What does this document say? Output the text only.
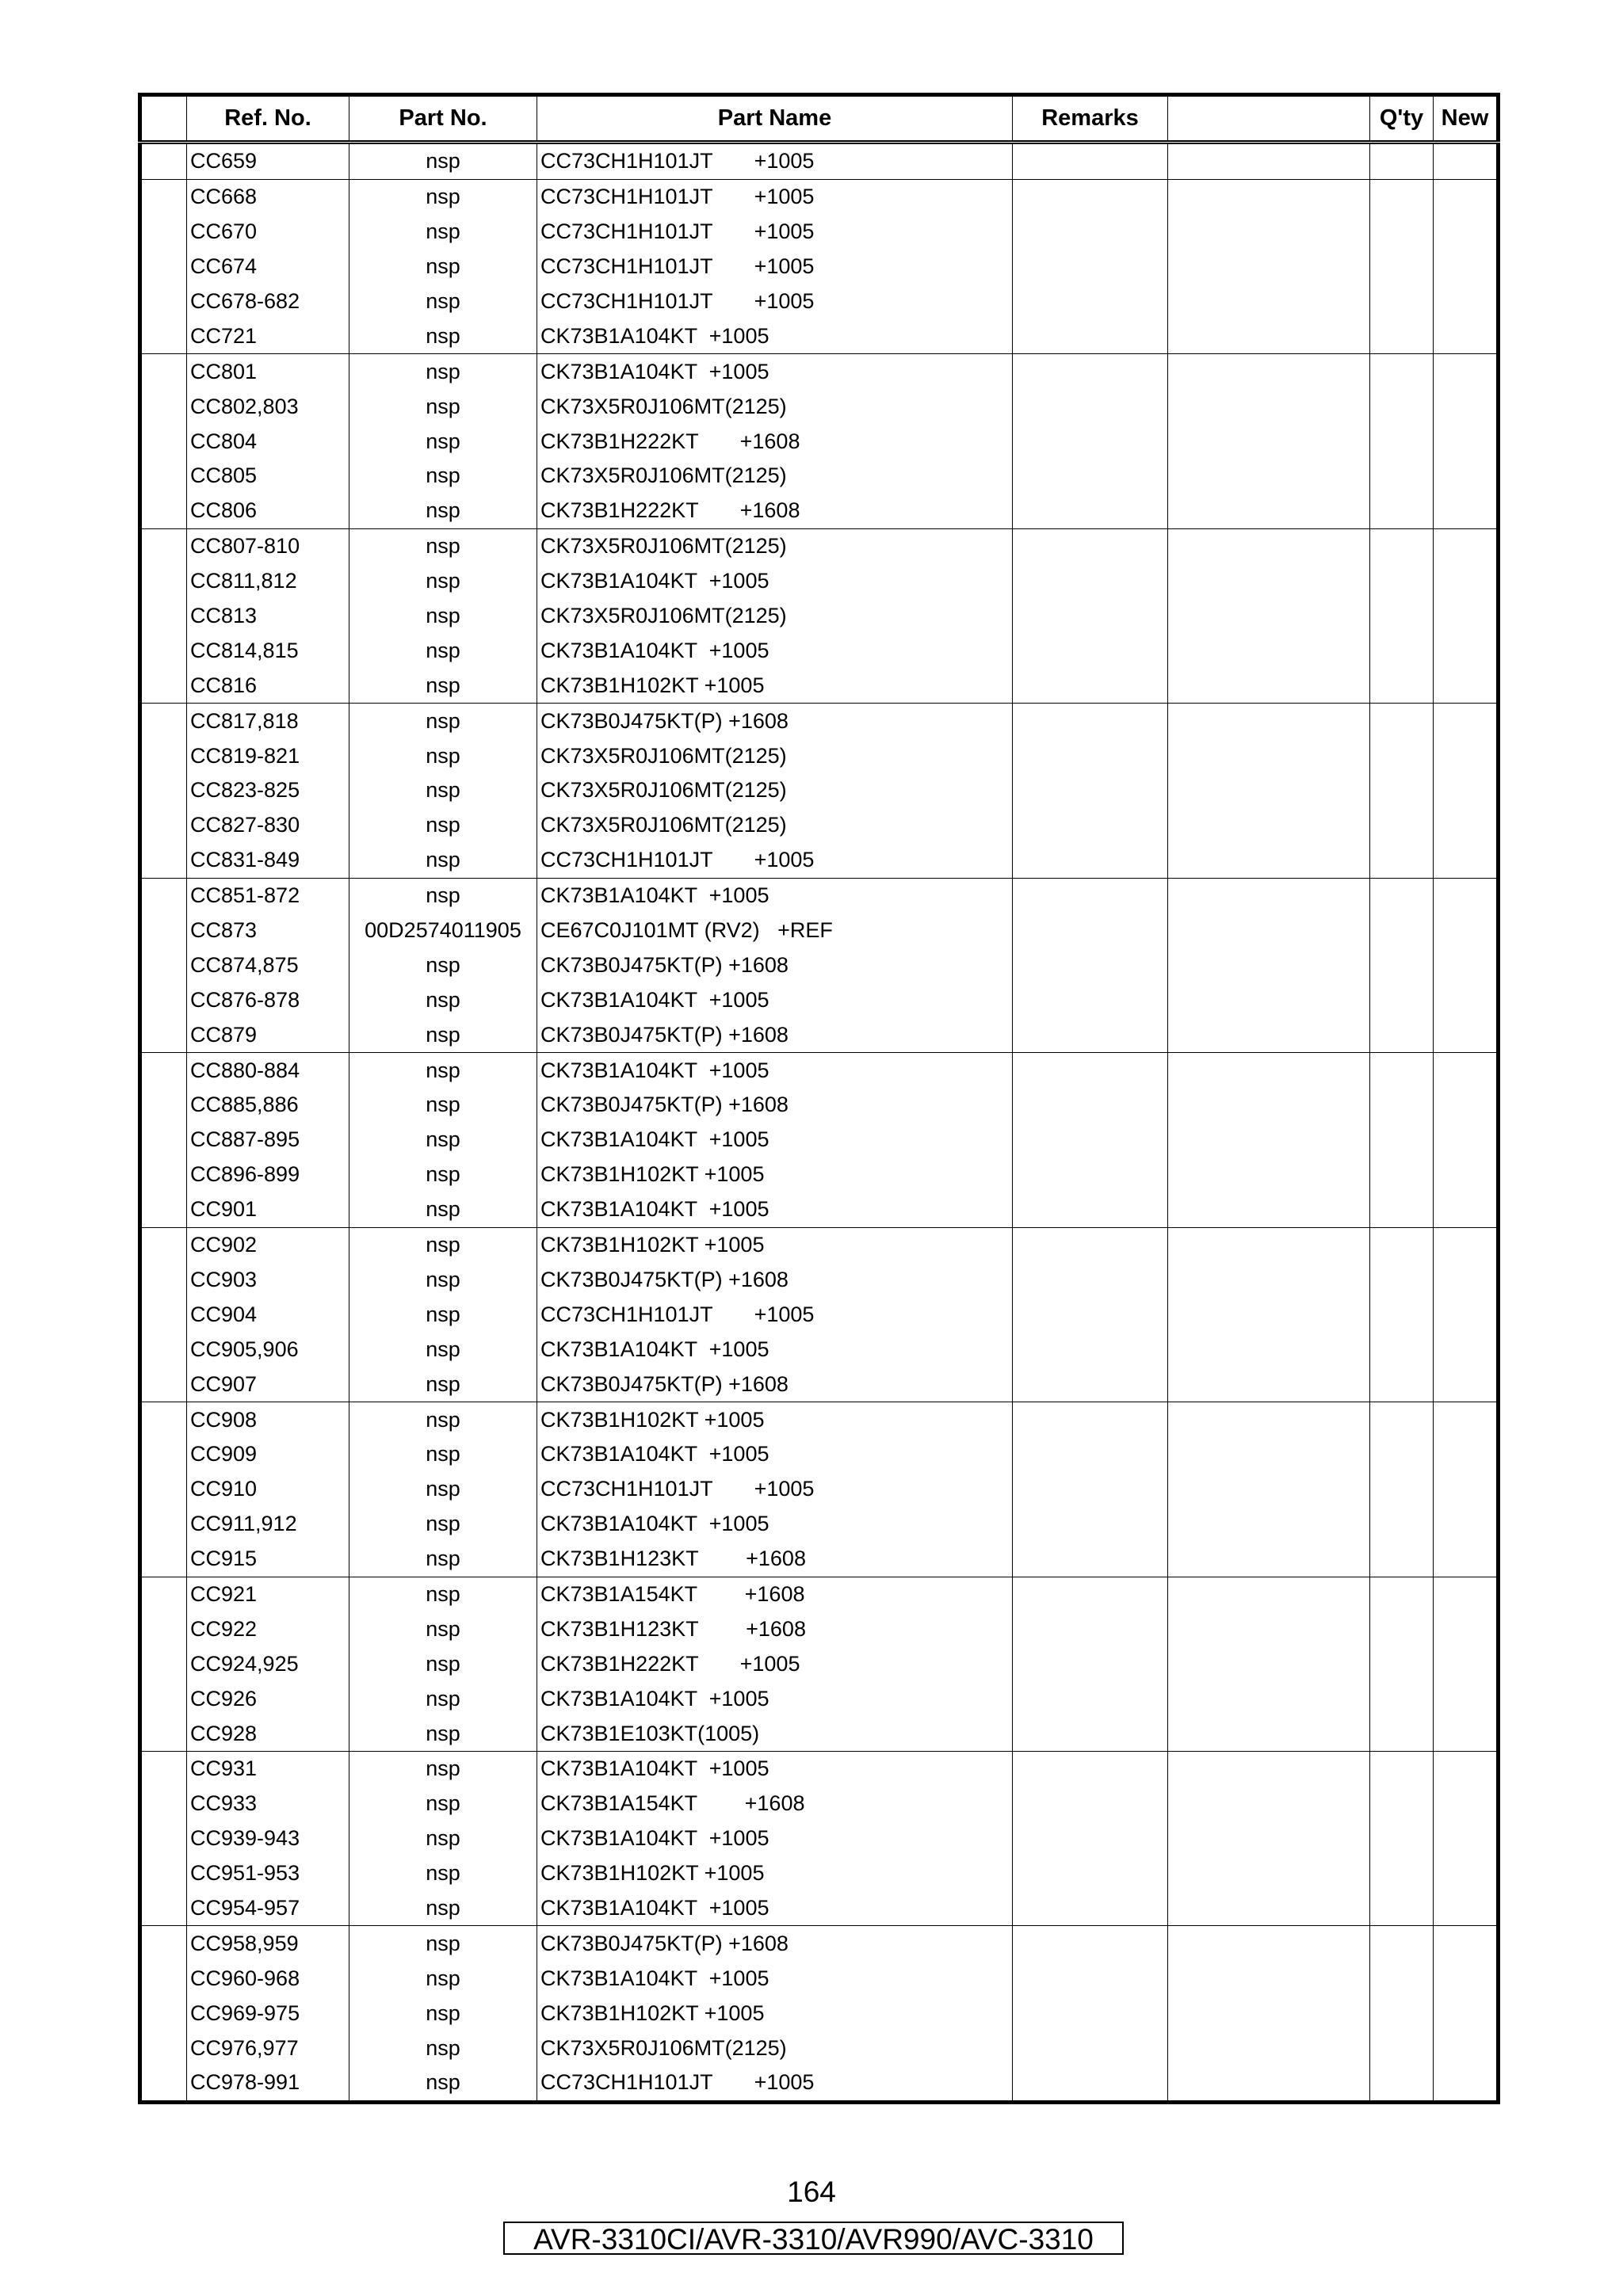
	Ref. No.	Part No.	Part Name	Remarks		Q'ty	New
	CC659	nsp	CC73CH1H101JT       +1005				
	CC668	nsp	CC73CH1H101JT       +1005				
	CC670	nsp	CC73CH1H101JT       +1005				
	CC674	nsp	CC73CH1H101JT       +1005				
	CC678-682	nsp	CC73CH1H101JT       +1005				
	CC721	nsp	CK73B1A104KT  +1005				
	CC801	nsp	CK73B1A104KT  +1005				
	CC802,803	nsp	CK73X5R0J106MT(2125)				
	CC804	nsp	CK73B1H222KT       +1608				
	CC805	nsp	CK73X5R0J106MT(2125)				
	CC806	nsp	CK73B1H222KT       +1608				
	CC807-810	nsp	CK73X5R0J106MT(2125)				
	CC811,812	nsp	CK73B1A104KT  +1005				
	CC813	nsp	CK73X5R0J106MT(2125)				
	CC814,815	nsp	CK73B1A104KT  +1005				
	CC816	nsp	CK73B1H102KT +1005				
	CC817,818	nsp	CK73B0J475KT(P) +1608				
	CC819-821	nsp	CK73X5R0J106MT(2125)				
	CC823-825	nsp	CK73X5R0J106MT(2125)				
	CC827-830	nsp	CK73X5R0J106MT(2125)				
	CC831-849	nsp	CC73CH1H101JT       +1005				
	CC851-872	nsp	CK73B1A104KT  +1005				
	CC873	00D2574011905	CE67C0J101MT (RV2)   +REF				
	CC874,875	nsp	CK73B0J475KT(P) +1608				
	CC876-878	nsp	CK73B1A104KT  +1005				
	CC879	nsp	CK73B0J475KT(P) +1608				
	CC880-884	nsp	CK73B1A104KT  +1005				
	CC885,886	nsp	CK73B0J475KT(P) +1608				
	CC887-895	nsp	CK73B1A104KT  +1005				
	CC896-899	nsp	CK73B1H102KT +1005				
	CC901	nsp	CK73B1A104KT  +1005				
	CC902	nsp	CK73B1H102KT +1005				
	CC903	nsp	CK73B0J475KT(P) +1608				
	CC904	nsp	CC73CH1H101JT       +1005				
	CC905,906	nsp	CK73B1A104KT  +1005				
	CC907	nsp	CK73B0J475KT(P) +1608				
	CC908	nsp	CK73B1H102KT +1005				
	CC909	nsp	CK73B1A104KT  +1005				
	CC910	nsp	CC73CH1H101JT       +1005				
	CC911,912	nsp	CK73B1A104KT  +1005				
	CC915	nsp	CK73B1H123KT        +1608				
	CC921	nsp	CK73B1A154KT        +1608				
	CC922	nsp	CK73B1H123KT        +1608				
	CC924,925	nsp	CK73B1H222KT       +1005				
	CC926	nsp	CK73B1A104KT  +1005				
	CC928	nsp	CK73B1E103KT(1005)				
	CC931	nsp	CK73B1A104KT  +1005				
	CC933	nsp	CK73B1A154KT        +1608				
	CC939-943	nsp	CK73B1A104KT  +1005				
	CC951-953	nsp	CK73B1H102KT +1005				
	CC954-957	nsp	CK73B1A104KT  +1005				
	CC958,959	nsp	CK73B0J475KT(P) +1608				
	CC960-968	nsp	CK73B1A104KT  +1005				
	CC969-975	nsp	CK73B1H102KT +1005				
	CC976,977	nsp	CK73X5R0J106MT(2125)				
	CC978-991	nsp	CC73CH1H101JT       +1005				
164
AVR-3310CI/AVR-3310/AVR990/AVC-3310
